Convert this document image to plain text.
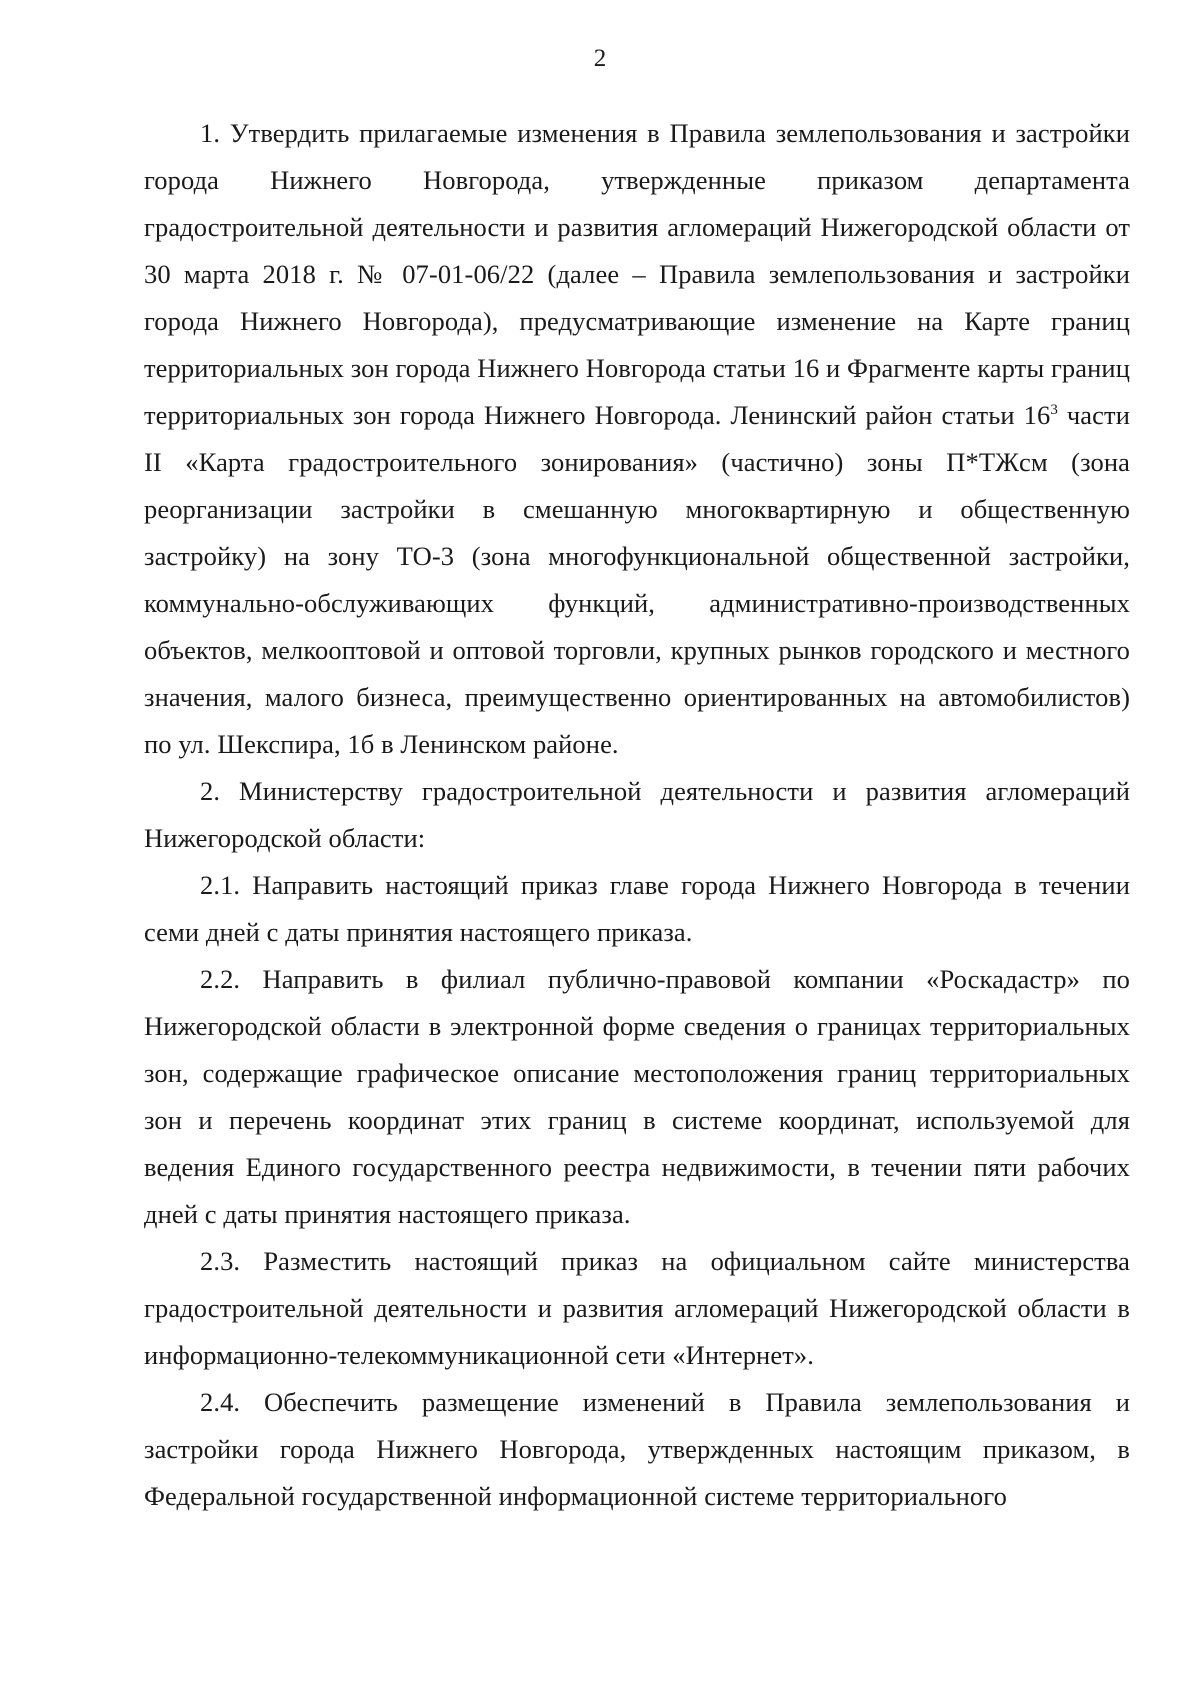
2

1. Утвердить прилагаемые изменения в Правила землепользования и застройки города Нижнего Новгорода, утвержденные приказом департамента градостроительной деятельности и развития агломераций Нижегородской области от 30 марта 2018 г. № 07-01-06/22 (далее – Правила землепользования и застройки города Нижнего Новгорода), предусматривающие изменение на Карте границ территориальных зон города Нижнего Новгорода статьи 16 и Фрагменте карты границ территориальных зон города Нижнего Новгорода. Ленинский район статьи $16^3$ части II «Карта градостроительного зонирования» (частично) зоны П*ТЖсм (зона реорганизации застройки в смешанную многоквартирную и общественную застройку) на зону ТО-3 (зона многофункциональной общественной застройки, коммунально-обслуживающих функций, административно-производственных объектов, мелкооптовой и оптовой торговли, крупных рынков городского и местного значения, малого бизнеса, преимущественно ориентированных на автомобилистов) по ул. Шекспира, 1б в Ленинском районе.

2. Министерству градостроительной деятельности и развития агломераций Нижегородской области:

2.1. Направить настоящий приказ главе города Нижнего Новгорода в течении семи дней с даты принятия настоящего приказа.

2.2. Направить в филиал публично-правовой компании «Роскадастр» по Нижегородской области в электронной форме сведения о границах территориальных зон, содержащие графическое описание местоположения границ территориальных зон и перечень координат этих границ в системе координат, используемой для ведения Единого государственного реестра недвижимости, в течении пяти рабочих дней с даты принятия настоящего приказа.

2.3. Разместить настоящий приказ на официальном сайте министерства градостроительной деятельности и развития агломераций Нижегородской области в информационно-телекоммуникационной сети «Интернет».

2.4. Обеспечить размещение изменений в Правила землепользования и застройки города Нижнего Новгорода, утвержденных настоящим приказом, в Федеральной государственной информационной системе территориального
